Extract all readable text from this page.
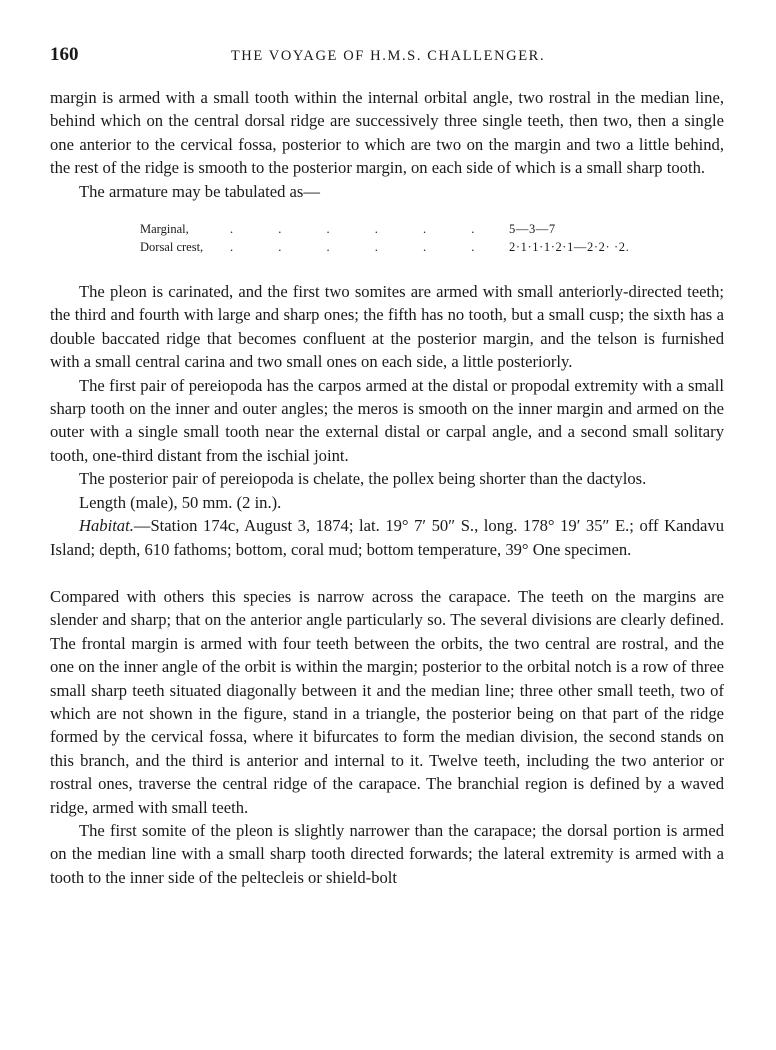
160	THE VOYAGE OF H.M.S. CHALLENGER.

margin is armed with a small tooth within the internal orbital angle, two rostral in the median line, behind which on the central dorsal ridge are successively three single teeth, then two, then a single one anterior to the cervical fossa, posterior to which are two on the margin and two a little behind, the rest of the ridge is smooth to the posterior margin, on each side of which is a small sharp tooth.

The armature may be tabulated as—

Marginal,	. . . . . .	5—3—7
Dorsal crest,	. . . . . .	2·1·1·1·2·1—2·2· ·2.

The pleon is carinated, and the first two somites are armed with small anteriorly-directed teeth; the third and fourth with large and sharp ones; the fifth has no tooth, but a small cusp; the sixth has a double baccated ridge that becomes confluent at the posterior margin, and the telson is furnished with a small central carina and two small ones on each side, a little posteriorly.

The first pair of pereiopoda has the carpos armed at the distal or propodal extremity with a small sharp tooth on the inner and outer angles; the meros is smooth on the inner margin and armed on the outer with a single small tooth near the external distal or carpal angle, and a second small solitary tooth, one-third distant from the ischial joint.

The posterior pair of pereiopoda is chelate, the pollex being shorter than the dactylos.

Length (male), 50 mm. (2 in.).

Habitat.—Station 174c, August 3, 1874; lat. 19° 7′ 50″ S., long. 178° 19′ 35″ E.; off Kandavu Island; depth, 610 fathoms; bottom, coral mud; bottom temperature, 39° One specimen.

Compared with others this species is narrow across the carapace. The teeth on the margins are slender and sharp; that on the anterior angle particularly so. The several divisions are clearly defined. The frontal margin is armed with four teeth between the orbits, the two central are rostral, and the one on the inner angle of the orbit is within the margin; posterior to the orbital notch is a row of three small sharp teeth situated diagonally between it and the median line; three other small teeth, two of which are not shown in the figure, stand in a triangle, the posterior being on that part of the ridge formed by the cervical fossa, where it bifurcates to form the median division, the second stands on this branch, and the third is anterior and internal to it. Twelve teeth, including the two anterior or rostral ones, traverse the central ridge of the carapace. The branchial region is defined by a waved ridge, armed with small teeth.

The first somite of the pleon is slightly narrower than the carapace; the dorsal portion is armed on the median line with a small sharp tooth directed forwards; the lateral extremity is armed with a tooth to the inner side of the peltecleis or shield-bolt
